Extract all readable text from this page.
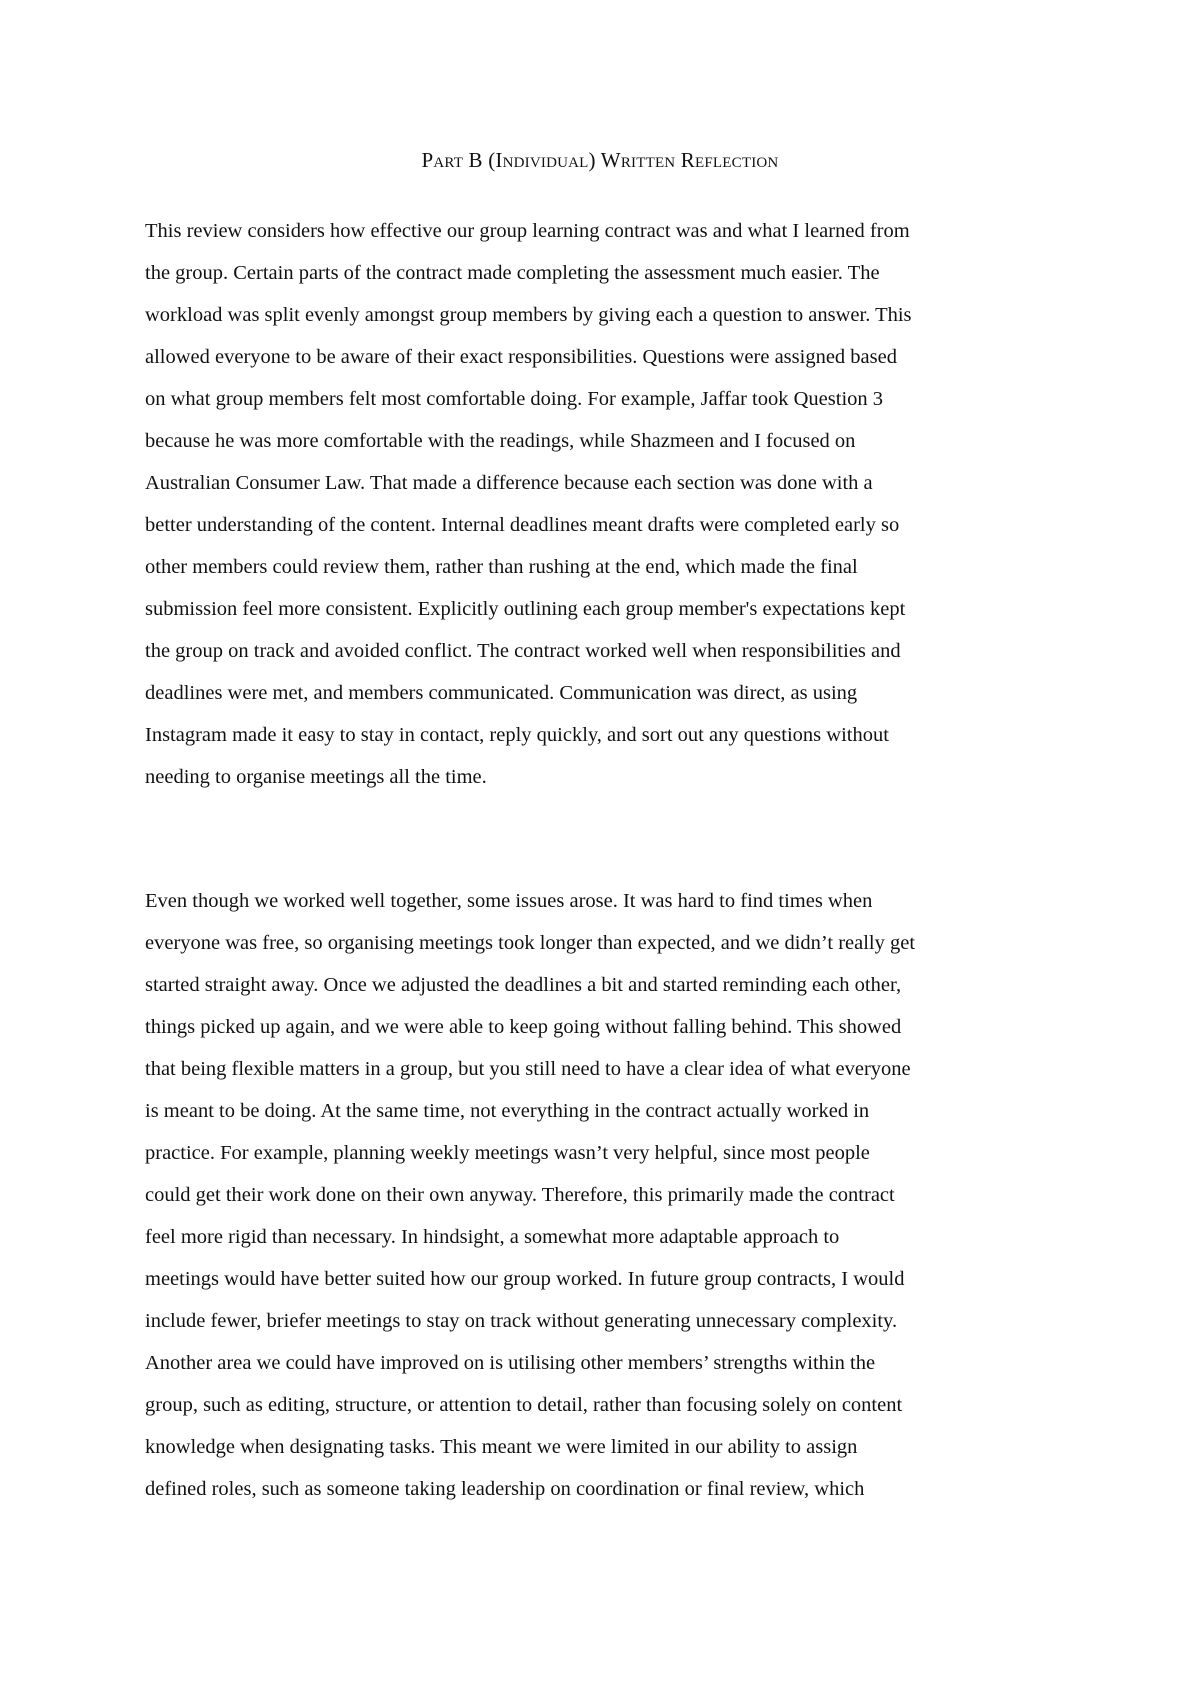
Part B (Individual) Written Reflection
This review considers how effective our group learning contract was and what I learned from
the group. Certain parts of the contract made completing the assessment much easier. The
workload was split evenly amongst group members by giving each a question to answer. This
allowed everyone to be aware of their exact responsibilities. Questions were assigned based
on what group members felt most comfortable doing. For example, Jaffar took Question 3
because he was more comfortable with the readings, while Shazmeen and I focused on
Australian Consumer Law. That made a difference because each section was done with a
better understanding of the content. Internal deadlines meant drafts were completed early so
other members could review them, rather than rushing at the end, which made the final
submission feel more consistent. Explicitly outlining each group member's expectations kept
the group on track and avoided conflict. The contract worked well when responsibilities and
deadlines were met, and members communicated. Communication was direct, as using
Instagram made it easy to stay in contact, reply quickly, and sort out any questions without
needing to organise meetings all the time.
Even though we worked well together, some issues arose. It was hard to find times when
everyone was free, so organising meetings took longer than expected, and we didn’t really get
started straight away. Once we adjusted the deadlines a bit and started reminding each other,
things picked up again, and we were able to keep going without falling behind. This showed
that being flexible matters in a group, but you still need to have a clear idea of what everyone
is meant to be doing. At the same time, not everything in the contract actually worked in
practice. For example, planning weekly meetings wasn’t very helpful, since most people
could get their work done on their own anyway. Therefore, this primarily made the contract
feel more rigid than necessary. In hindsight, a somewhat more adaptable approach to
meetings would have better suited how our group worked. In future group contracts, I would
include fewer, briefer meetings to stay on track without generating unnecessary complexity.
Another area we could have improved on is utilising other members’ strengths within the
group, such as editing, structure, or attention to detail, rather than focusing solely on content
knowledge when designating tasks. This meant we were limited in our ability to assign
defined roles, such as someone taking leadership on coordination or final review, which
